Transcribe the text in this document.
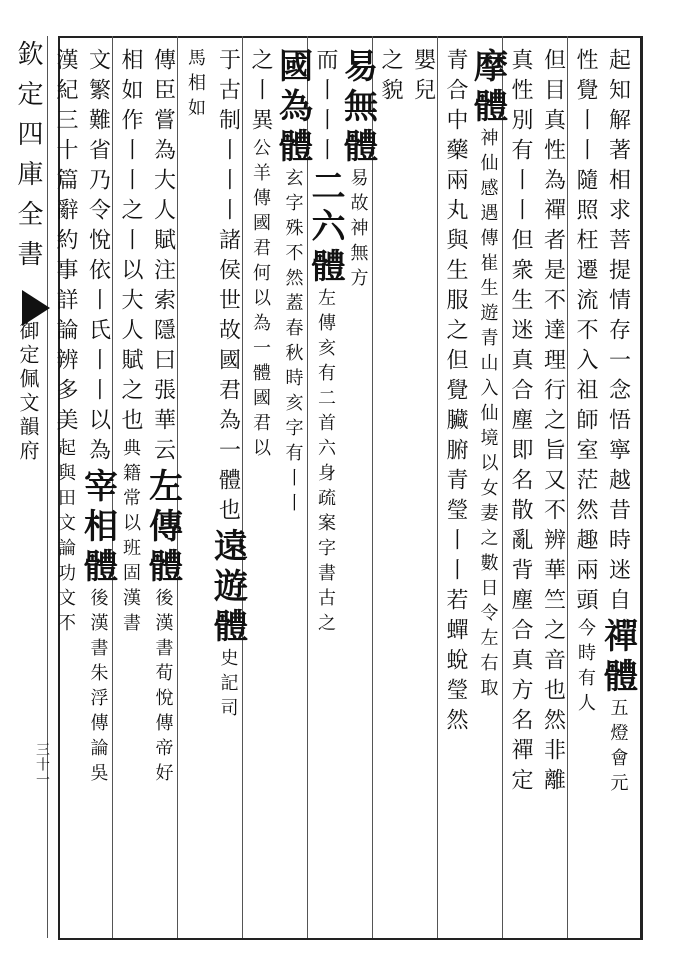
起知解著相求菩提情存一念悟寧越昔時迷自禪體五燈會元
性覺丨丨隨照枉遷流不入祖師室茫然趣兩頭今時有人
但目真性為禪者是不達理行之旨又不辨華竺之音也然非離
真性別有丨丨但衆生迷真合塵即名散亂背塵合真方名禪定
摩體神仙感遇傳崔生遊青山入仙境以女妻之數日令左右取
青合中藥兩丸與生服之但覺臟腑青瑩丨丨若蟬蛻瑩然
嬰兒
之貌
易無體易故神無方
而丨丨丨二六體左傳亥有二首六身疏案字書古之
國為體玄字殊不然蓋春秋時亥字有丨丨
之丨異公羊傳國君何以為一體國君以
于古制丨丨丨諸侯世故國君為一體也遠遊體史記司
馬相如
傳臣嘗為大人賦注索隱曰張華云左傳體後漢書荀悅傳帝好
相如作丨丨之丨以大人賦之也典籍常以班固漢書
文繁難省乃令悅依丨氏丨丨以為宰相體後漢書朱浮傳論吳
漢紀三十篇辭約事詳論辨多美起與田文論功文不
欽定四庫全書
御定佩文韻府
三十一
